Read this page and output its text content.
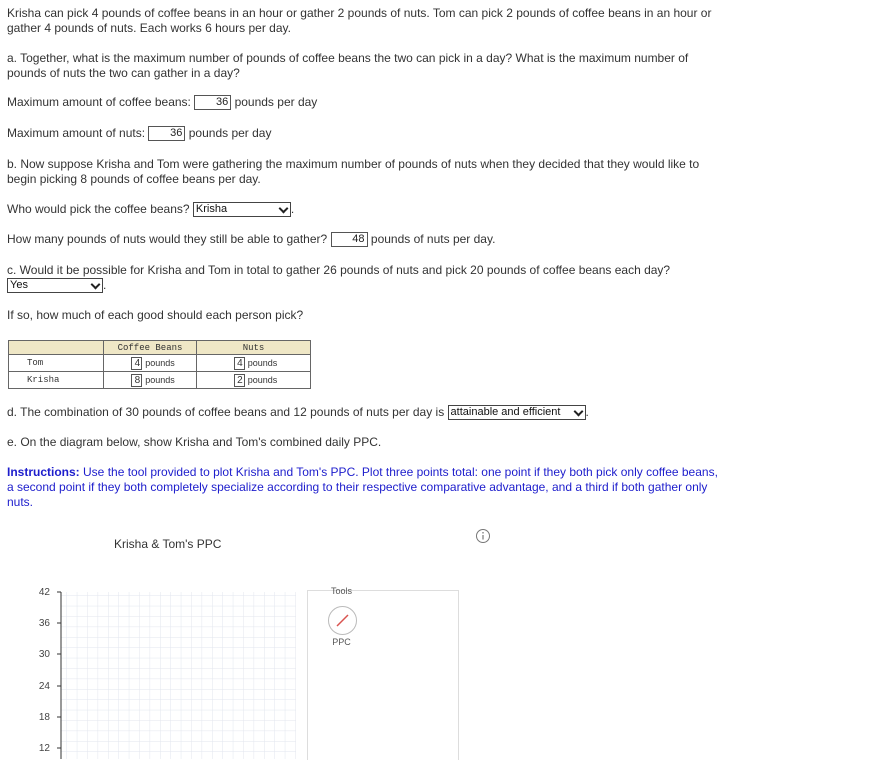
Krisha can pick 4 pounds of coffee beans in an hour or gather 2 pounds of nuts. Tom can pick 2 pounds of coffee beans in an hour or
gather 4 pounds of nuts. Each works 6 hours per day.
a. Together, what is the maximum number of pounds of coffee beans the two can pick in a day? What is the maximum number of
pounds of nuts the two can gather in a day?
Maximum amount of coffee beans: 36 pounds per day
Maximum amount of nuts: 36 pounds per day
b. Now suppose Krisha and Tom were gathering the maximum number of pounds of nuts when they decided that they would like to
begin picking 8 pounds of coffee beans per day.
Who would pick the coffee beans? Krisha	.
How many pounds of nuts would they still be able to gather? 48 pounds of nuts per day.
c. Would it be possible for Krisha and Tom in total to gather 26 pounds of nuts and pick 20 pounds of coffee beans each day?
Yes	.
If so, how much of each good should each person pick?
	Coffee Beans	Nuts
Tom	4 pounds	4 pounds
Krisha	8 pounds	2 pounds
d. The combination of 30 pounds of coffee beans and 12 pounds of nuts per day is attainable and efficient .
e. On the diagram below, show Krisha and Tom's combined daily PPC.
Instructions: Use the tool provided to plot Krisha and Tom's PPC. Plot three points total: one point if they both pick only coffee beans,
a second point if they both completely specialize according to their respective comparative advantage, and a third if both gather only
nuts.
Krisha & Tom's PPC
42
36
30
24
18
12
Tools
PPC
